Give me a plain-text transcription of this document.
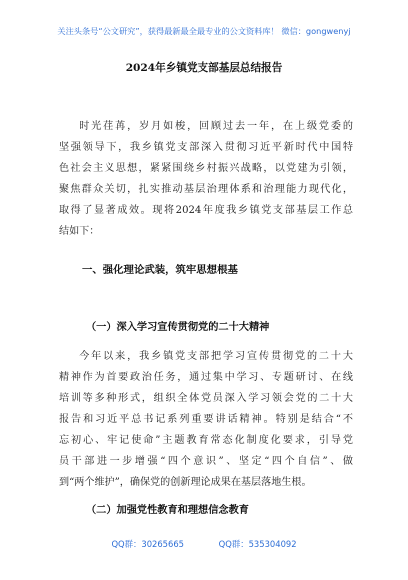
关注头条号“公文研究”，获得最新最全最专业的公文资料库！ 微信：gongwenyj
2024年乡镇党支部基层总结报告
时光荏苒，岁月如梭，回顾过去一年，在上级党委的
坚强领导下，我乡镇党支部深入贯彻习近平新时代中国特
色社会主义思想，紧紧围绕乡村振兴战略，以党建为引领，
聚焦群众关切，扎实推动基层治理体系和治理能力现代化，
取得了显著成效。现将2024年度我乡镇党支部基层工作总
结如下：
一、强化理论武装，筑牢思想根基
（一）深入学习宣传贯彻党的二十大精神
今年以来，我乡镇党支部把学习宣传贯彻党的二十大
精神作为首要政治任务，通过集中学习、专题研讨、在线
培训等多种形式，组织全体党员深入学习领会党的二十大
报告和习近平总书记系列重要讲话精神。特别是结合“不
忘初心、牢记使命”主题教育常态化制度化要求，引导党
员干部进一步增强“四个意识”、坚定“四个自信”、做
到“两个维护”，确保党的创新理论成果在基层落地生根。
（二）加强党性教育和理想信念教育
QQ群：30265665	QQ群：535304092
